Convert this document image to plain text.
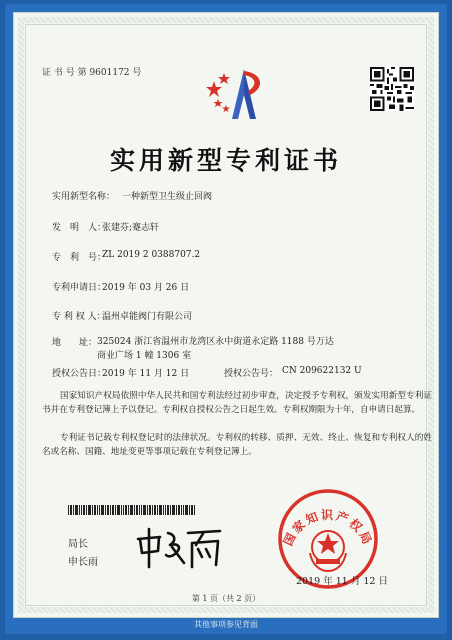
证 书 号 第 9601172 号
实用新型专利证书
实用新型名称： 一种新型卫生级止回阀
发　明　人：
张建芬;蹇志轩
专　利　号：
ZL 2019 2 0388707.2
专利申请日：
2019 年 03 月 26 日
专 利 权 人：
温州卓能阀门有限公司
地　　址： 325024 浙江省温州市龙湾区永中街道永定路 1188 号万达
商业广场 1 幢 1306 室
授权公告日：
2019 年 11 月 12 日	授权公告号： CN 209622132 U
国家知识产权局依照中华人民共和国专利法经过初步审查，决定授予专利权，颁发实用新型专利证书并在专利登记簿上予以登记。专利权自授权公告之日起生效。专利权期限为十年，自申请日起算。
专利证书记载专利权登记时的法律状况。专利权的转移、质押、无效、终止、恢复和专利权人的姓名或名称、国籍、地址变更等事项记载在专利登记簿上。
局长
申长雨
国家知识产权局
2019 年 11 月 12 日
第 1 页（共 2 页）
其他事项参见背面
